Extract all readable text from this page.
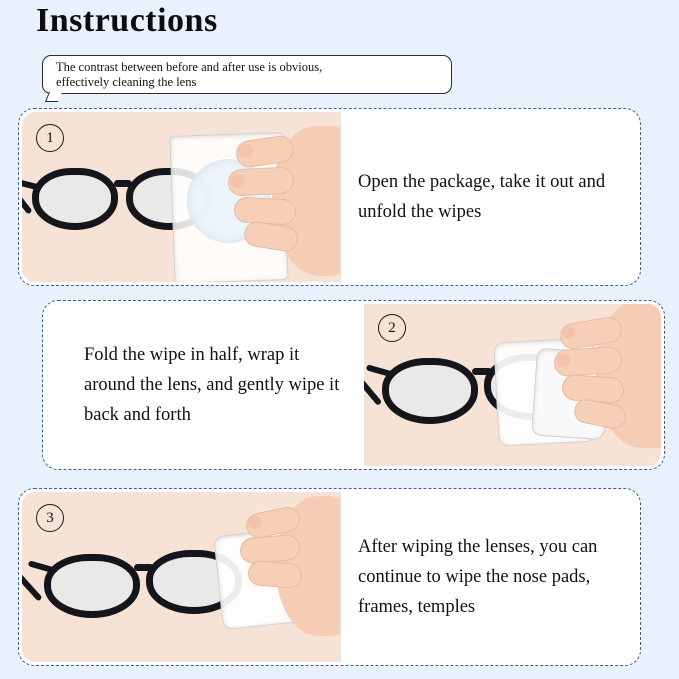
Instructions
The contrast between before and after use is obvious,
effectively cleaning the lens
1
Open the package, take it out and unfold the wipes
2
Fold the wipe in half, wrap it around the lens, and gently wipe it back and forth
3
After wiping the lenses, you can continue to wipe the nose pads, frames, temples
